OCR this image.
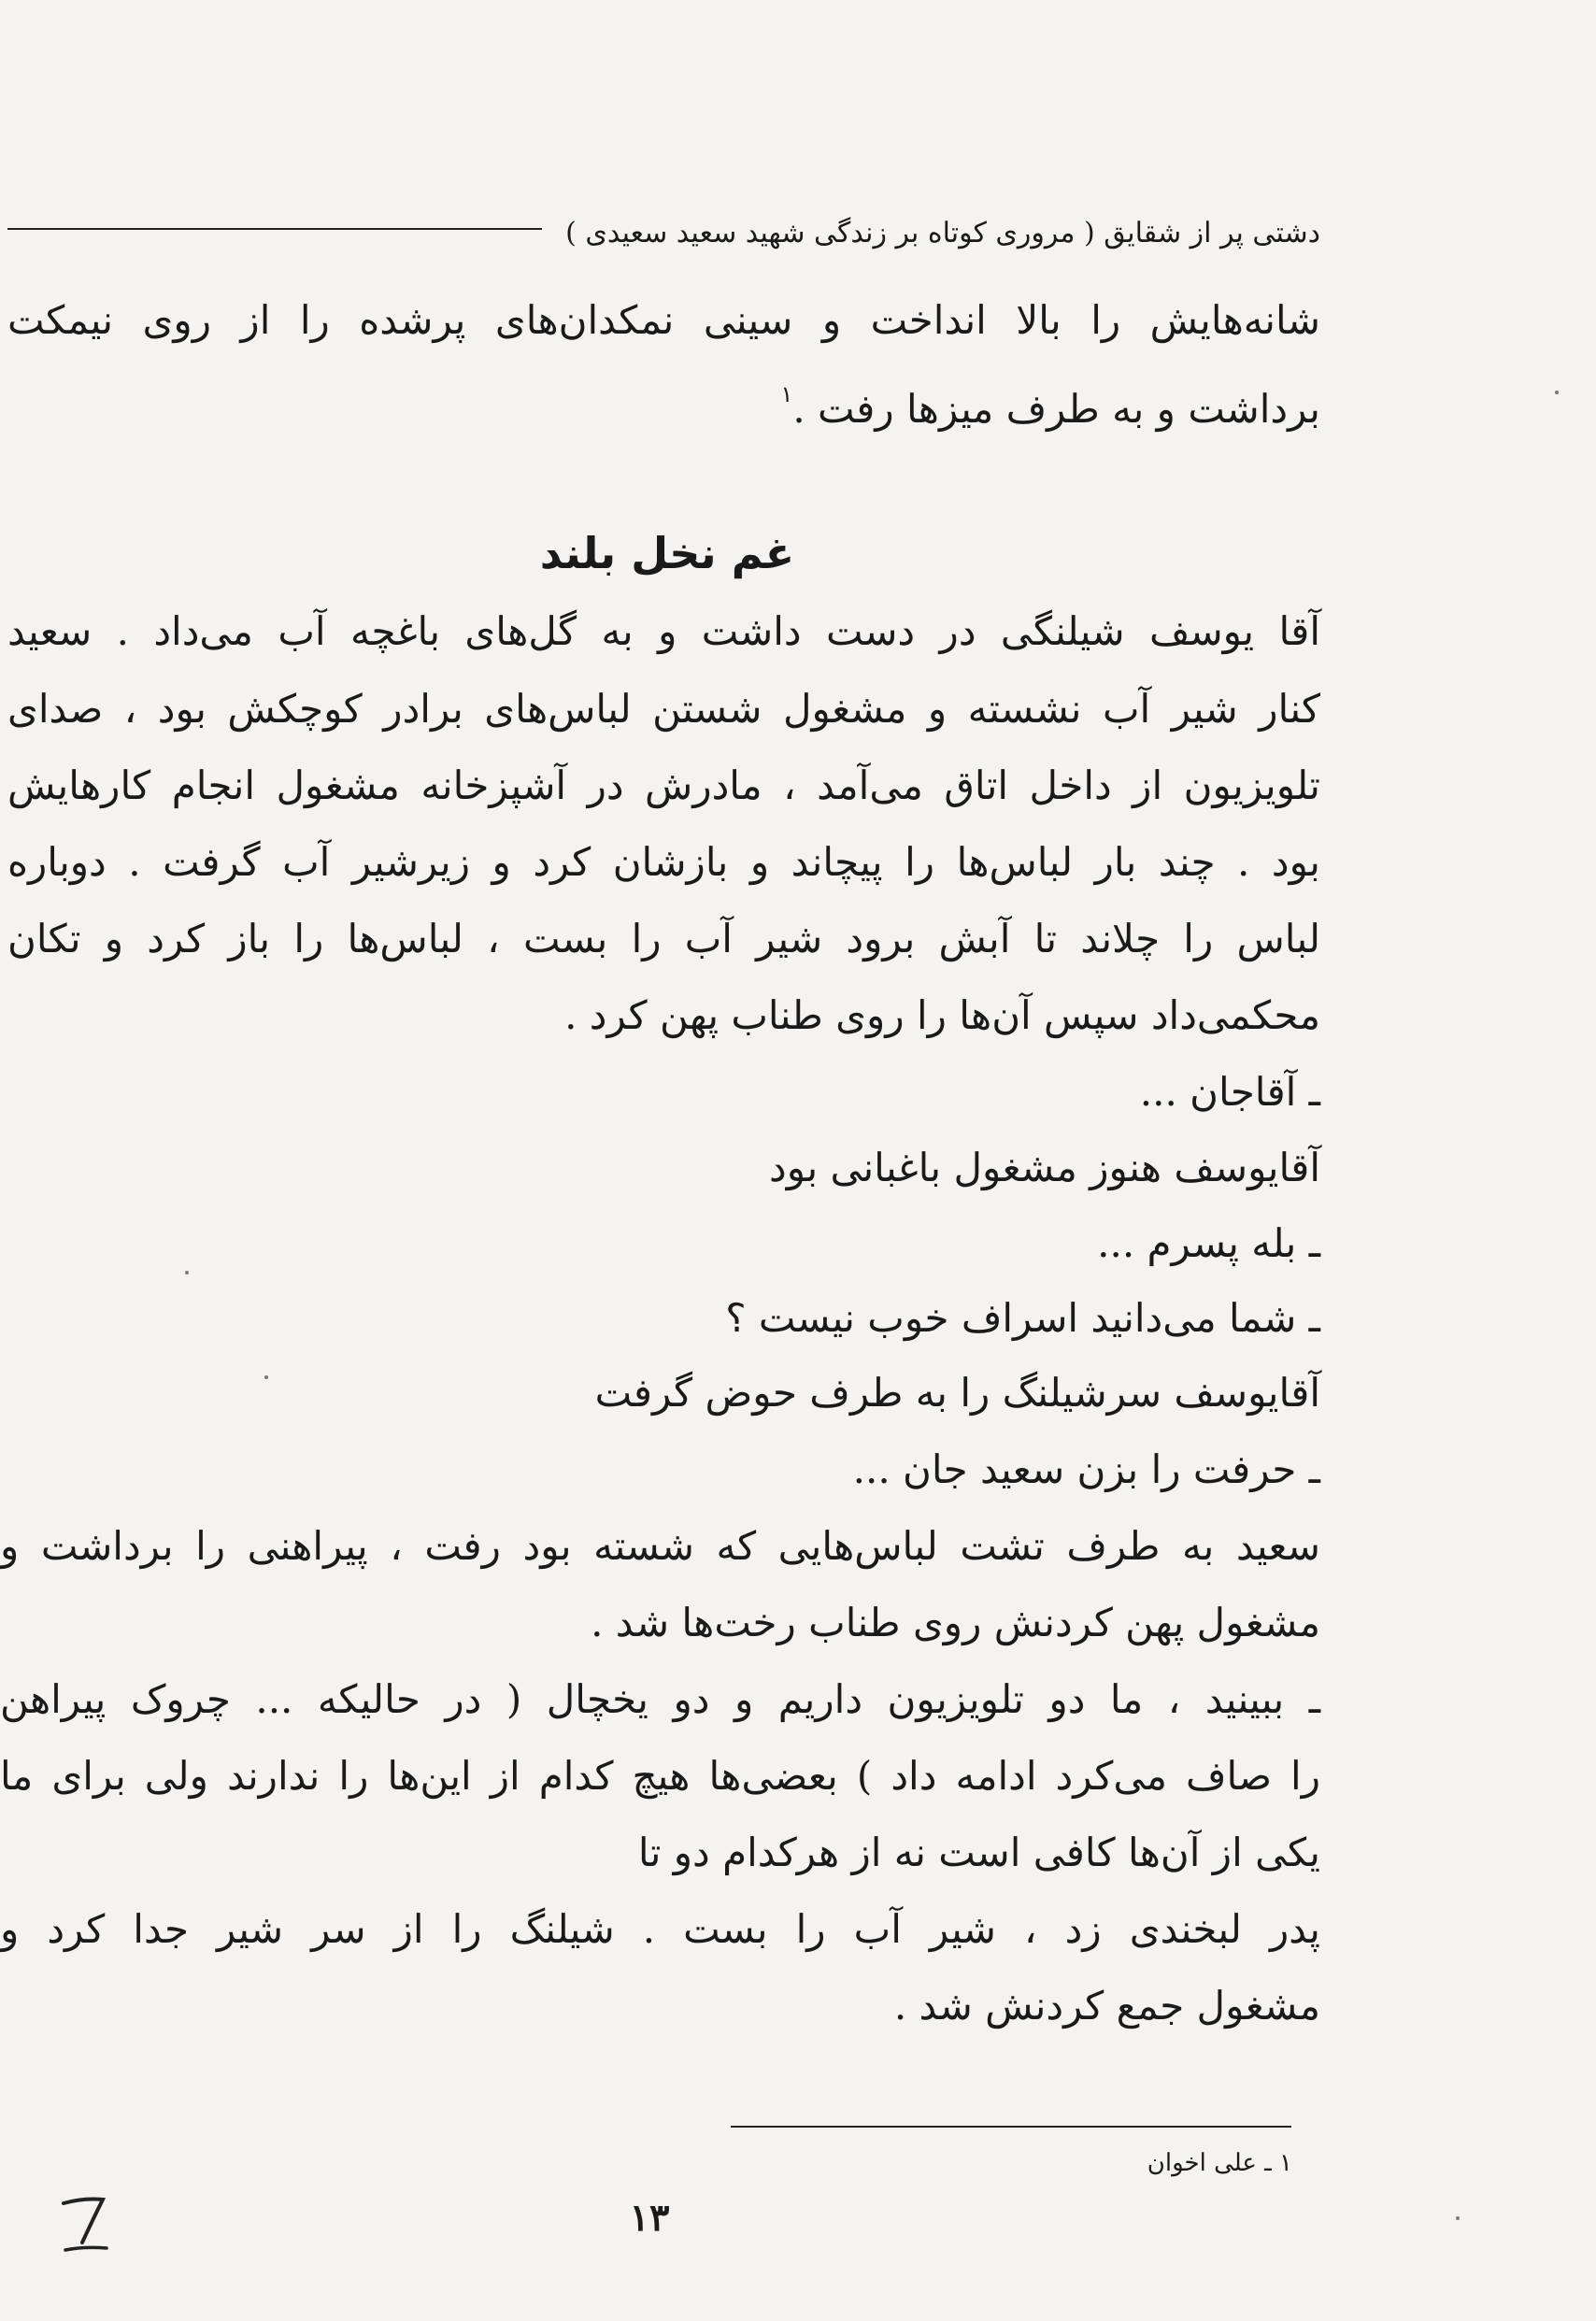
دشتی پر از شقایق ( مروری کوتاه بر زندگی شهید سعید سعیدی )
شانه‌هایش را بالا انداخت و سینی نمکدان‌های پرشده را از روی نیمکت
برداشت و به طرف میزها رفت .$^۱$
غم نخل بلند
آقا یوسف شیلنگی در دست داشت و به گل‌های باغچه آب می‌داد . سعید
کنار شیر آب نشسته و مشغول شستن لباس‌های برادر کوچکش بود ، صدای
تلویزیون از داخل اتاق می‌آمد ، مادرش در آشپزخانه مشغول انجام کارهایش
بود . چند بار لباس‌ها را پیچاند و بازشان کرد و زیرشیر آب گرفت . دوباره
لباس را چلاند تا آبش برود شیر آب را بست ، لباس‌ها را باز کرد و تکان
محکمی‌داد سپس آن‌ها را روی طناب پهن کرد .
ـ آقاجان ...
آقایوسف هنوز مشغول باغبانی بود
ـ بله پسرم ...
ـ شما می‌دانید اسراف خوب نیست ؟
آقایوسف سرشیلنگ را به طرف حوض گرفت
ـ حرفت را بزن سعید جان ...
سعید به طرف تشت لباس‌هایی که شسته بود رفت ، پیراهنی را برداشت و
مشغول پهن کردنش روی طناب رخت‌ها شد .
ـ ببینید ، ما دو تلویزیون داریم و دو یخچال ( در حالیکه ... چروک پیراهن
را صاف می‌کرد ادامه داد ) بعضی‌ها هیچ کدام از این‌ها را ندارند ولی برای ما
یکی از آن‌ها کافی است نه از هرکدام دو تا
پدر لبخندی زد ، شیر آب را بست . شیلنگ را از سر شیر جدا کرد و
مشغول جمع کردنش شد .
۱ ـ علی اخوان
۱۳
